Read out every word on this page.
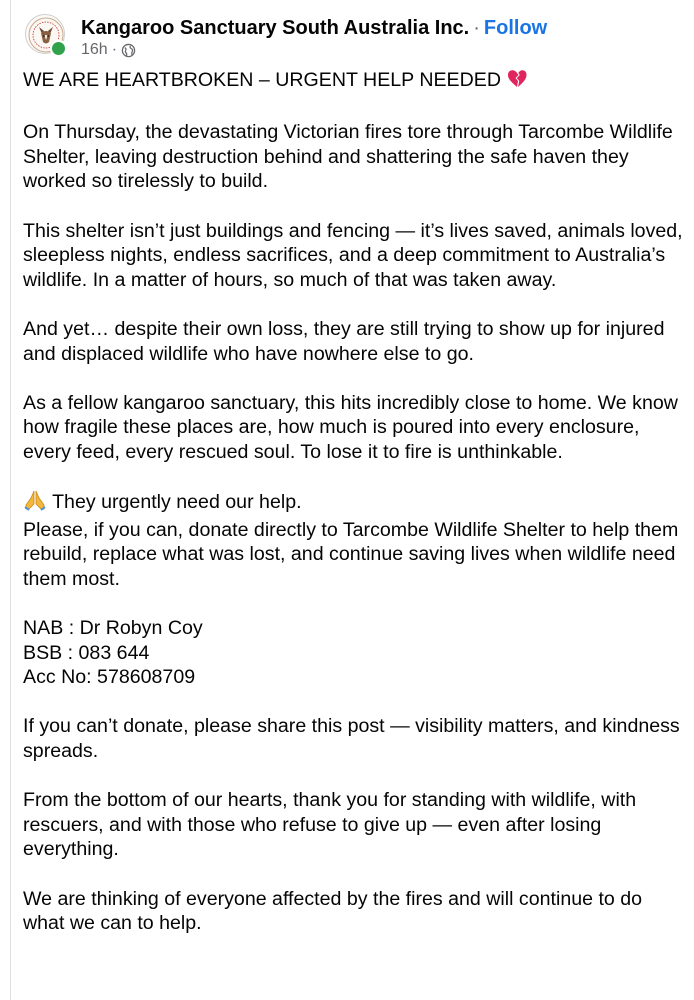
Kangaroo Sanctuary South Australia Inc. · Follow
16h ·

WE ARE HEARTBROKEN – URGENT HELP NEEDED

On Thursday, the devastating Victorian fires tore through Tarcombe Wildlife Shelter, leaving destruction behind and shattering the safe haven they worked so tirelessly to build.

This shelter isn’t just buildings and fencing — it’s lives saved, animals loved, sleepless nights, endless sacrifices, and a deep commitment to Australia’s wildlife. In a matter of hours, so much of that was taken away.

And yet… despite their own loss, they are still trying to show up for injured and displaced wildlife who have nowhere else to go.

As a fellow kangaroo sanctuary, this hits incredibly close to home. We know how fragile these places are, how much is poured into every enclosure, every feed, every rescued soul. To lose it to fire is unthinkable.

They urgently need our help.
Please, if you can, donate directly to Tarcombe Wildlife Shelter to help them rebuild, replace what was lost, and continue saving lives when wildlife need them most.

NAB : Dr Robyn Coy
BSB : 083 644
Acc No: 578608709

If you can’t donate, please share this post — visibility matters, and kindness spreads.

From the bottom of our hearts, thank you for standing with wildlife, with rescuers, and with those who refuse to give up — even after losing everything.

We are thinking of everyone affected by the fires and will continue to do what we can to help.
